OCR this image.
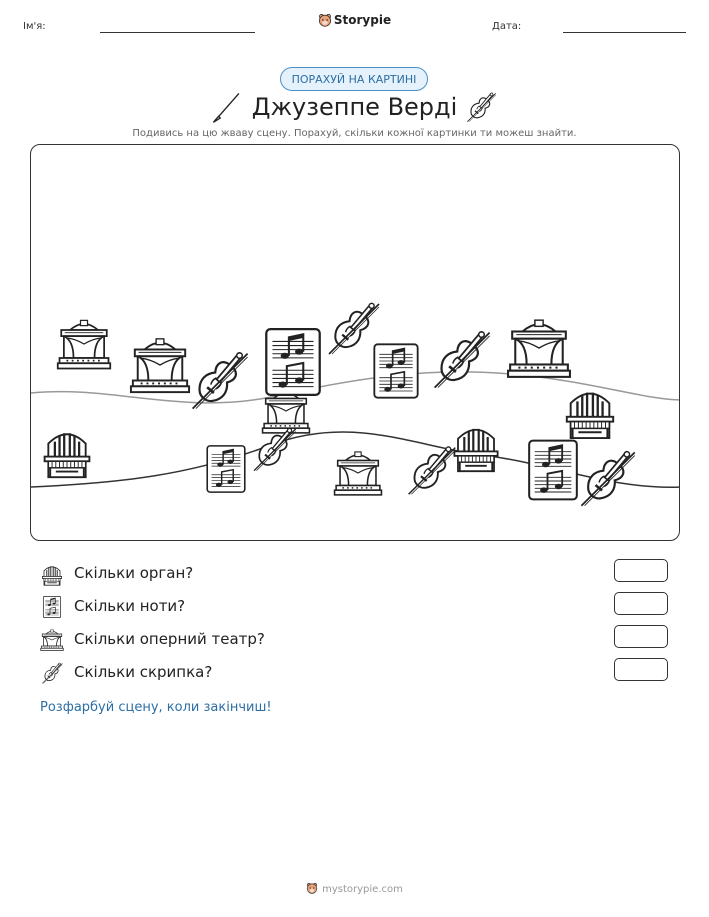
Ім'я:	Storypie	Дата:
ПОРАХУЙ НА КАРТИНІ
Джузеппе Верді
Подивись на цю жваву сцену. Порахуй, скільки кожної картинки ти можеш знайти.
Скільки орган?
Скільки ноти?
Скільки оперний театр?
Скільки скрипка?
Розфарбуй сцену, коли закінчиш!
mystorypie.com
